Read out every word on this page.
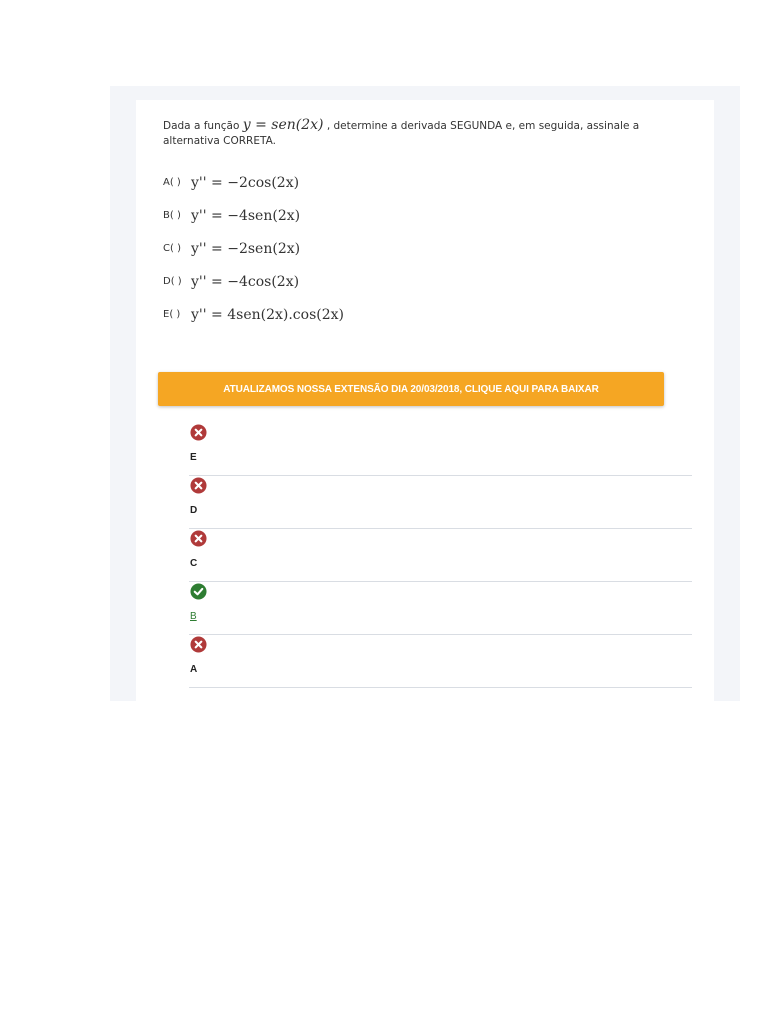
Dada a função y = sen(2x) , determine a derivada SEGUNDA e, em seguida, assinale a
alternativa CORRETA.
A( ) y'' = −2cos(2x)
B( ) y'' = −4sen(2x)
C( ) y'' = −2sen(2x)
D( ) y'' = −4cos(2x)
E( ) y'' = 4sen(2x).cos(2x)
ATUALIZAMOS NOSSA EXTENSÃO DIA 20/03/2018, CLIQUE AQUI PARA BAIXAR
E
D
C
B
A
